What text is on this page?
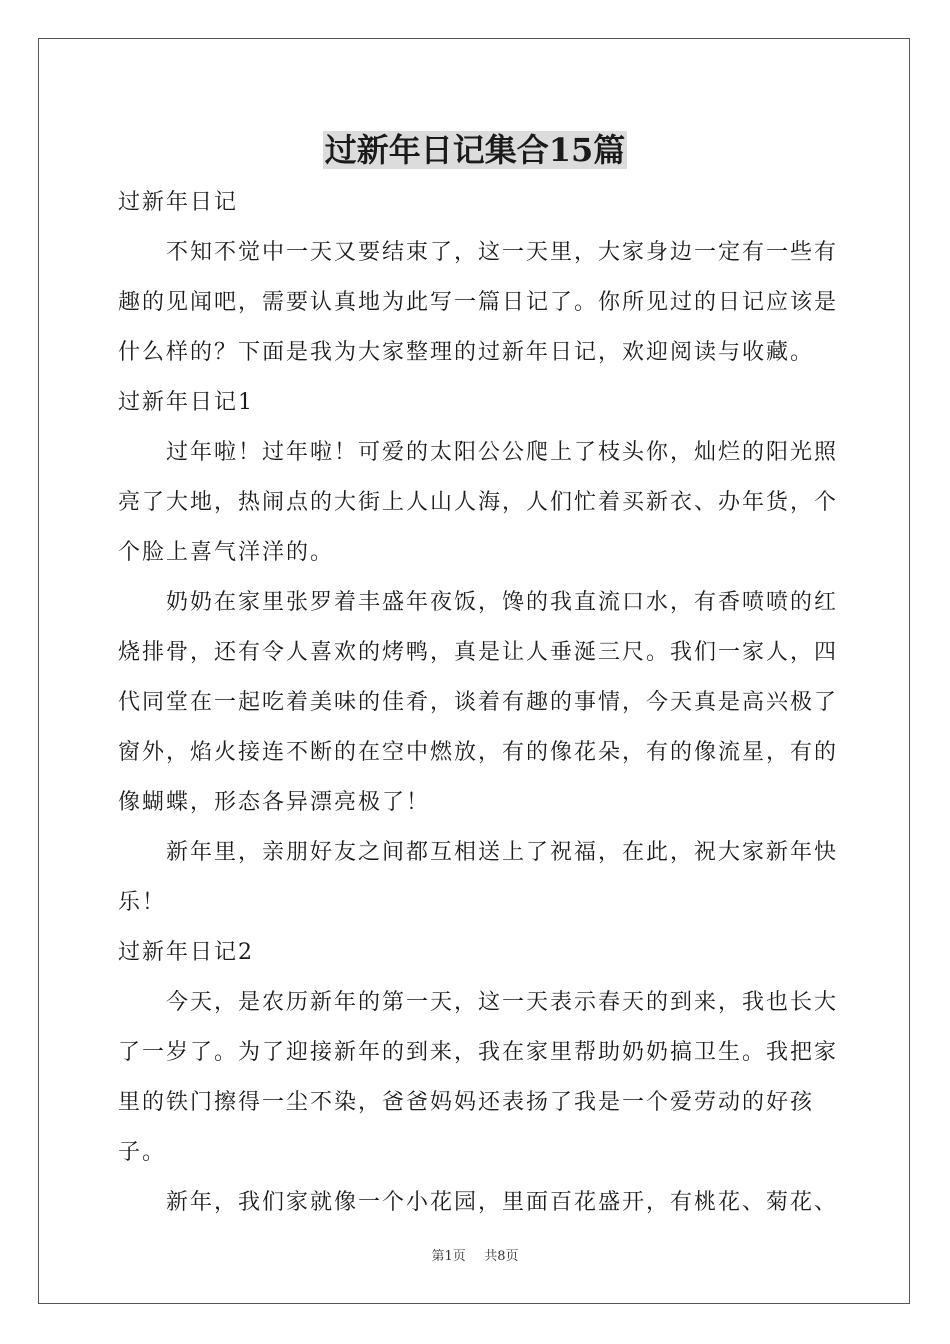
过新年日记集合15篇

过新年日记

不知不觉中一天又要结束了，这一天里，大家身边一定有一些有趣的见闻吧，需要认真地为此写一篇日记了。你所见过的日记应该是什么样的？下面是我为大家整理的过新年日记，欢迎阅读与收藏。

过新年日记1

过年啦！过年啦！可爱的太阳公公爬上了枝头你，灿烂的阳光照亮了大地，热闹点的大街上人山人海，人们忙着买新衣、办年货，个个脸上喜气洋洋的。

奶奶在家里张罗着丰盛年夜饭，馋的我直流口水，有香喷喷的红烧排骨，还有令人喜欢的烤鸭，真是让人垂涎三尺。我们一家人，四代同堂在一起吃着美味的佳肴，谈着有趣的事情，今天真是高兴极了窗外，焰火接连不断的在空中燃放，有的像花朵，有的像流星，有的像蝴蝶，形态各异漂亮极了！

新年里，亲朋好友之间都互相送上了祝福，在此，祝大家新年快乐！

过新年日记2

今天，是农历新年的第一天，这一天表示春天的到来，我也长大了一岁了。为了迎接新年的到来，我在家里帮助奶奶搞卫生。我把家里的铁门擦得一尘不染，爸爸妈妈还表扬了我是一个爱劳动的好孩子。

新年，我们家就像一个小花园，里面百花盛开，有桃花、菊花、

第1页 共8页
